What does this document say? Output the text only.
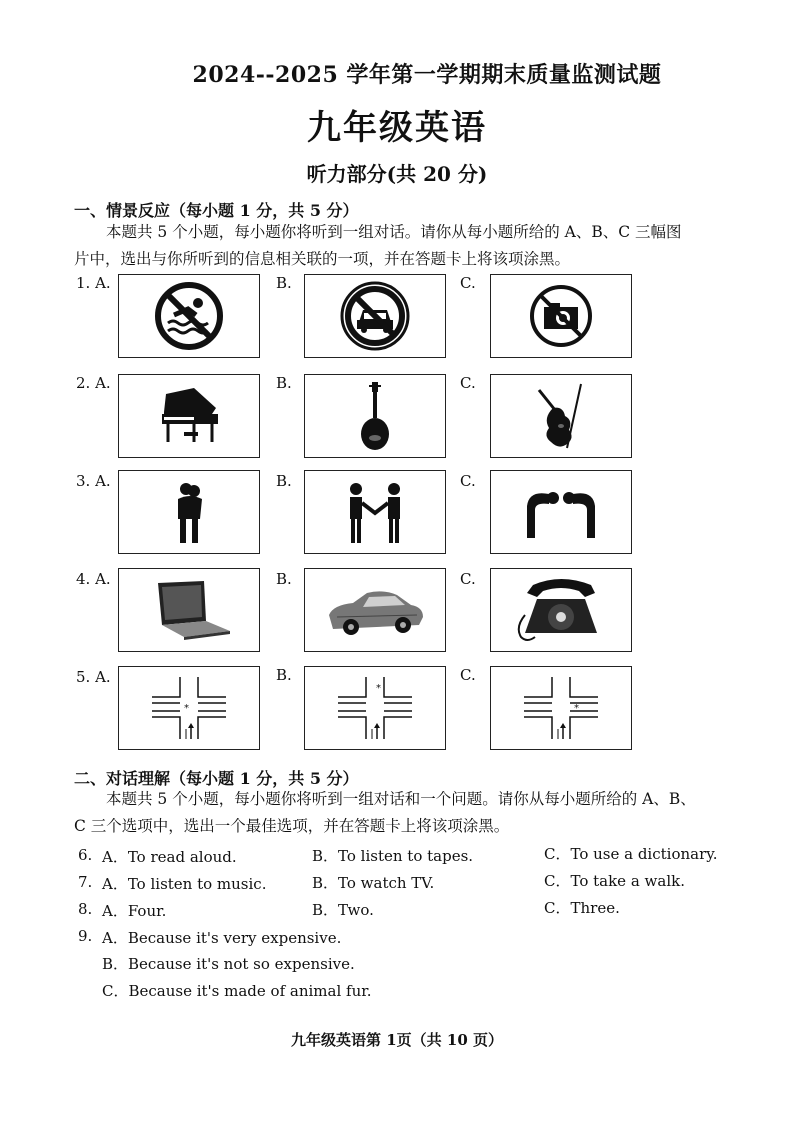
2024--2025 学年第一学期期末质量监测试题
九年级英语
听力部分(共 20 分)
一、情景反应（每小题 1 分，共 5 分）
本题共 5 个小题，每小题你将听到一组对话。请你从每小题所给的 A、B、C 三幅图
片中，选出与你所听到的信息相关联的一项，并在答题卡上将该项涂黑。
1. A.	B.	C.
2. A.	B.	C.
3. A.	B.	C.
4. A.	B.	C.
5. A.	B.	C.
*
*
*
二、对话理解（每小题 1 分，共 5 分）
本题共 5 个小题，每小题你将听到一组对话和一个问题。请你从每小题所给的 A、B、
C 三个选项中，选出一个最佳选项，并在答题卡上将该项涂黑。
6. A．To read aloud.	B．To listen to tapes.	C．To use a dictionary.
7. A．To listen to music.	B．To watch TV.	C．To take a walk.
8. A．Four.	B．Two.	C．Three.
9. A．Because it's very expensive.
B．Because it's not so expensive.
C．Because it's made of animal fur.
九年级英语第 1页（共 10 页）
